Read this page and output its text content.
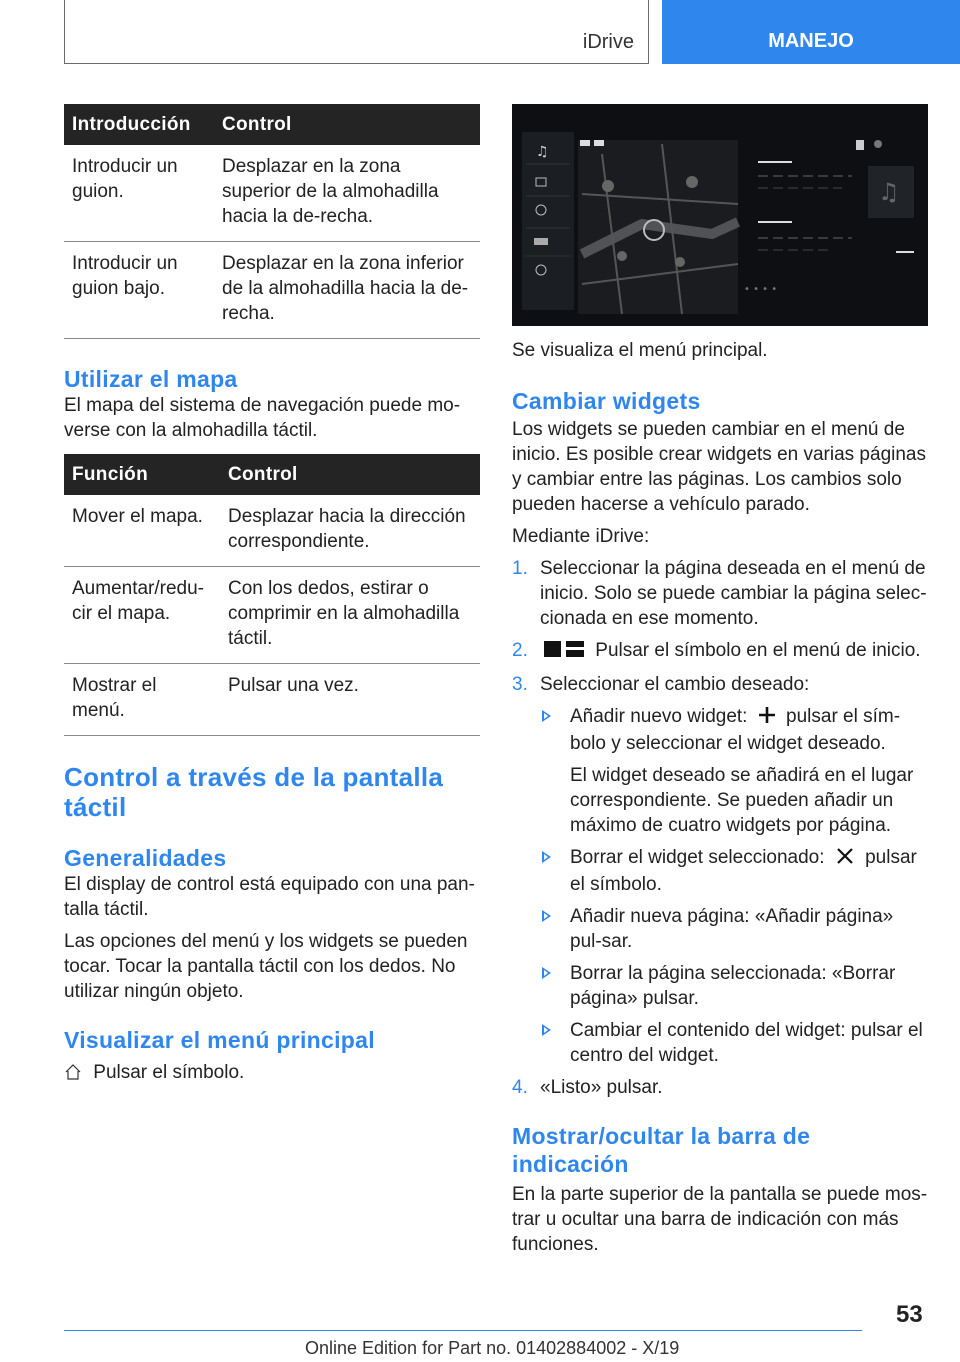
iDrive	MANEJO
Introducción	Control
Introducir un guion.	Desplazar en la zona superior de la almohadilla hacia la de-recha.
Introducir un guion bajo.	Desplazar en la zona inferior de la almohadilla hacia la de-recha.
Utilizar el mapa

El mapa del sistema de navegación puede mo-verse con la almohadilla táctil.

Función	Control
Mover el mapa.	Desplazar hacia la dirección correspondiente.
Aumentar/redu-cir el mapa.	Con los dedos, estirar o comprimir en la almohadilla táctil.
Mostrar el menú.	Pulsar una vez.
Control a través de la pantalla táctil
Generalidades

El display de control está equipado con una pan-talla táctil.

Las opciones del menú y los widgets se pueden tocar. Tocar la pantalla táctil con los dedos. No utilizar ningún objeto.

Visualizar el menú principal

Pulsar el símbolo.

♫
♫
• • • •

Se visualiza el menú principal.

Cambiar widgets

Los widgets se pueden cambiar en el menú de inicio. Es posible crear widgets en varias páginas y cambiar entre las páginas. Los cambios solo pueden hacerse a vehículo parado.

Mediante iDrive:

1. Seleccionar la página deseada en el menú de inicio. Solo se puede cambiar la página selec-cionada en ese momento.
2.	Pulsar el símbolo en el menú de inicio.
3. Seleccionar el cambio deseado:
Añadir nuevo widget: pulsar el sím-bolo y seleccionar el widget deseado.

El widget deseado se añadirá en el lugar correspondiente. Se pueden añadir un máximo de cuatro widgets por página.

Borrar el widget seleccionado: pulsar el símbolo.
Añadir nueva página: «Añadir página» pul-sar.
Borrar la página seleccionada: «Borrar página» pulsar.
Cambiar el contenido del widget: pulsar el centro del widget.
4. «Listo» pulsar.
Mostrar/ocultar la barra de indicación

En la parte superior de la pantalla se puede mos-trar u ocultar una barra de indicación con más funciones.

53
Online Edition for Part no. 01402884002 - X/19
